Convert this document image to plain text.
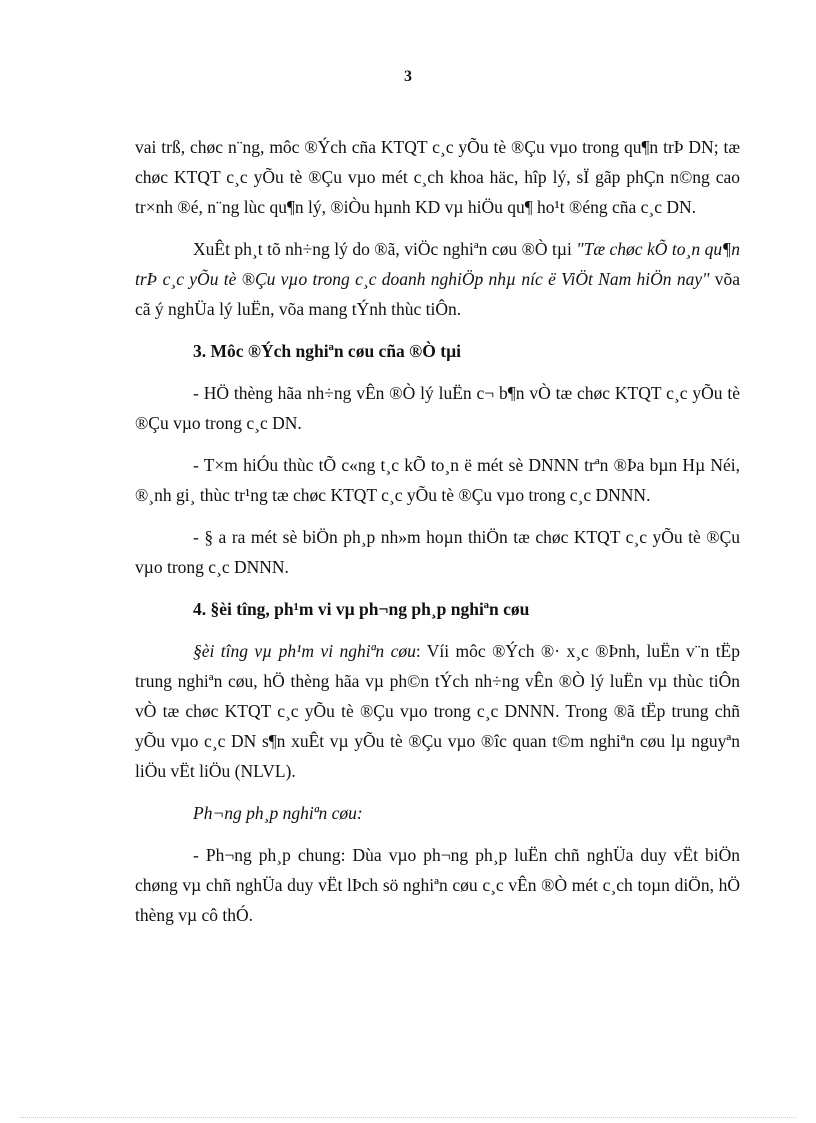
3

vai trß, chøc n¨ng, môc ®Ých cña KTQT c¸c yÕu tè ®Çu vµo trong qu¶n trÞ DN; tæ chøc KTQT c¸c yÕu tè ®Çu vµo mét c¸ch khoa häc, hîp lý, sÏ gãp phÇn n©ng cao tr×nh ®é, n¨ng lùc qu¶n lý, ®iÒu hµnh KD vµ hiÖu qu¶ ho¹t ®éng cña c¸c DN.

XuÊt ph¸t tõ nh÷ng lý do ®ã, viÖc nghiªn cøu ®Ò tµi "Tæ chøc kÕ to¸n qu¶n trÞ c¸c yÕu tè ®Çu vµo trong c¸c doanh nghiÖp nhµ níc ë ViÖt Nam hiÖn nay" võa cã ý nghÜa lý luËn, võa mang tÝnh thùc tiÔn.

3. Môc ®Ých nghiªn cøu cña ®Ò tµi

- HÖ thèng hãa nh÷ng vÊn ®Ò lý luËn c¬ b¶n vÒ tæ chøc KTQT c¸c yÕu tè ®Çu vµo trong c¸c DN.

- T×m hiÓu thùc tÕ c«ng t¸c kÕ to¸n ë mét sè DNNN trªn ®Þa bµn Hµ Néi, ®¸nh gi¸ thùc tr¹ng tæ chøc KTQT c¸c yÕu tè ®Çu vµo trong c¸c DNNN.

- § a ra mét sè biÖn ph¸p nh»m hoµn thiÖn tæ chøc KTQT c¸c yÕu tè ®Çu vµo trong c¸c DNNN.

4. §èi tîng, ph¹m vi vµ ph¬ng ph¸p nghiªn cøu

§èi tîng vµ ph¹m vi nghiªn cøu: Víi môc ®Ých ®· x¸c ®Þnh, luËn v¨n tËp trung nghiªn cøu, hÖ thèng hãa vµ ph©n tÝch nh÷ng vÊn ®Ò lý luËn vµ thùc tiÔn vÒ tæ chøc KTQT c¸c yÕu tè ®Çu vµo trong c¸c DNNN. Trong ®ã tËp trung chñ yÕu vµo c¸c DN s¶n xuÊt vµ yÕu tè ®Çu vµo ®îc quan t©m nghiªn cøu lµ nguyªn liÖu vËt liÖu (NLVL).

Ph¬ng ph¸p nghiªn cøu:

- Ph¬ng ph¸p chung: Dùa vµo ph¬ng ph¸p luËn chñ nghÜa duy vËt biÖn chøng vµ chñ nghÜa duy vËt lÞch sö nghiªn cøu c¸c vÊn ®Ò mét c¸ch toµn diÖn, hÖ thèng vµ cô thÓ.
